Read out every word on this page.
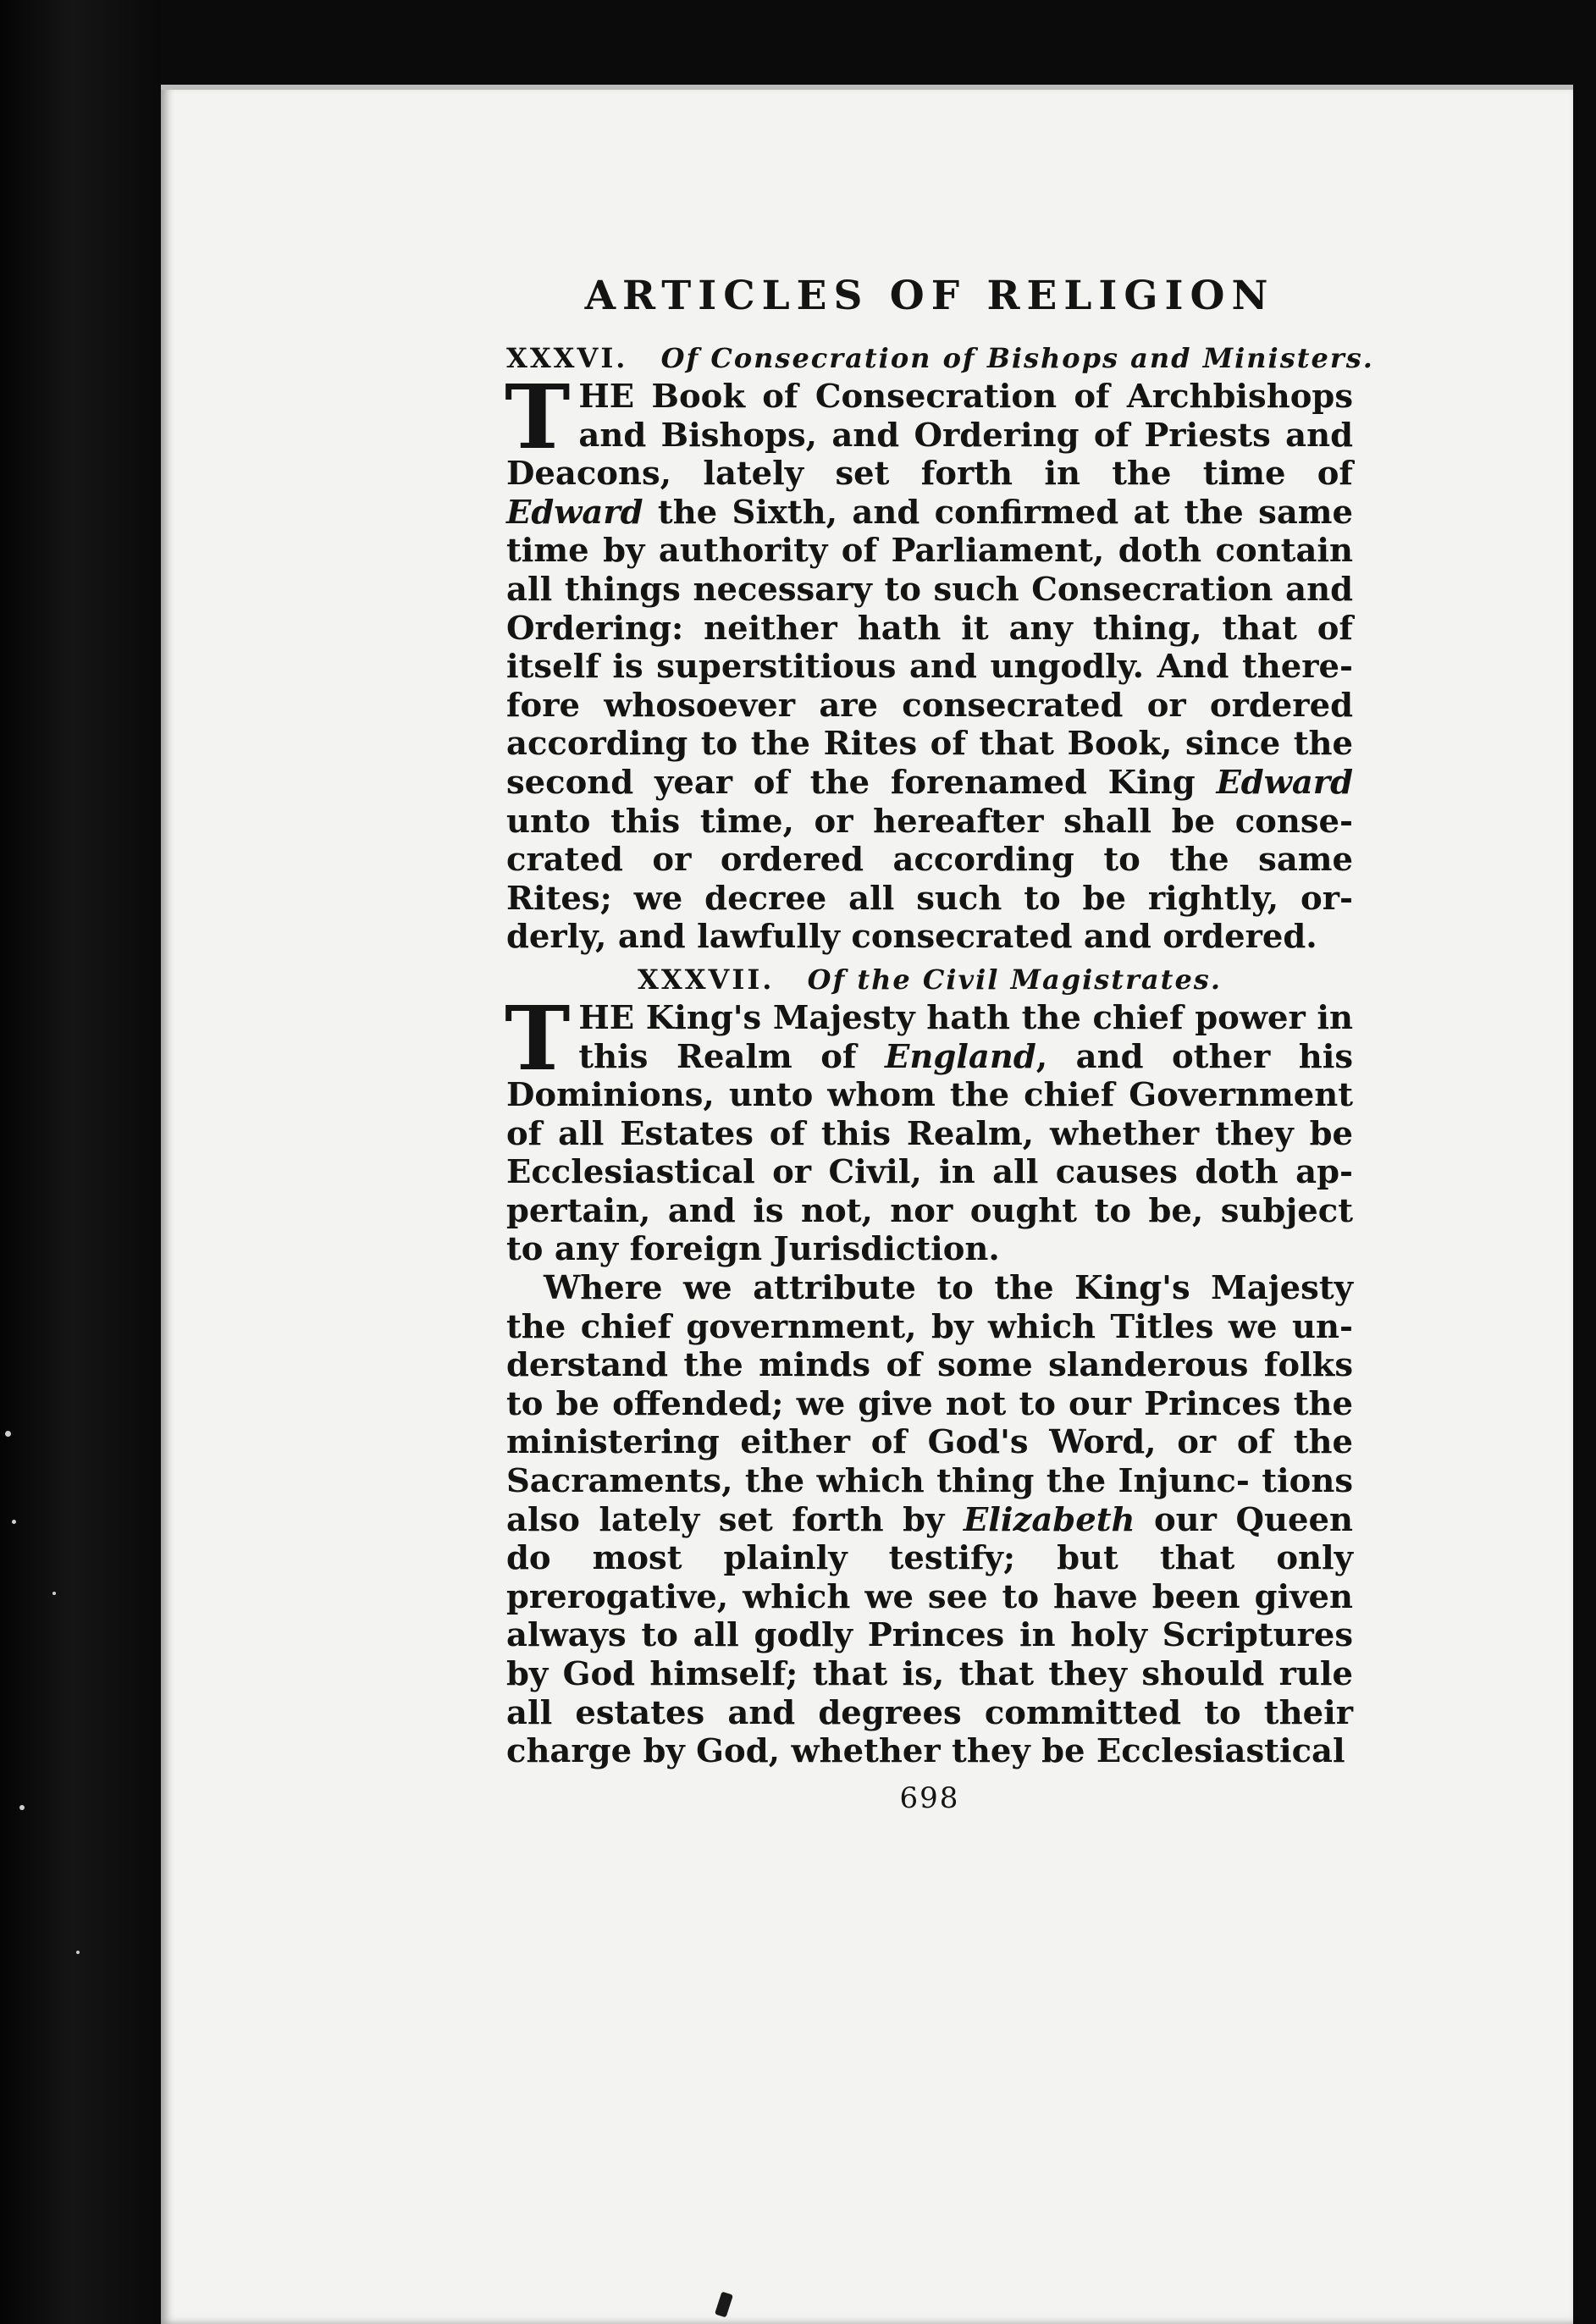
ARTICLES OF RELIGION
XXXVI. Of Consecration of Bishops and Ministers.

T HE Book of Consecration of Archbishops and Bishops, and Ordering of Priests and Deacons, lately set forth in the time of Edward the Sixth, and confirmed at the same time by authority of Parliament, doth contain all things necessary to such Consecration and Ordering: neither hath it any thing, that of itself is superstitious and ungodly. And there- fore whosoever are consecrated or ordered according to the Rites of that Book, since the second year of the forenamed King Edward unto this time, or hereafter shall be conse- crated or ordered according to the same Rites; we decree all such to be rightly, or- derly, and lawfully consecrated and ordered.

XXXVII. Of the Civil Magistrates.

T HE King's Majesty hath the chief power in this Realm of England, and other his Dominions, unto whom the chief Government of all Estates of this Realm, whether they be Ecclesiastical or Civil, in all causes doth ap- pertain, and is not, nor ought to be, subject to any foreign Jurisdiction.

Where we attribute to the King's Majesty the chief government, by which Titles we un- derstand the minds of some slanderous folks to be offended; we give not to our Princes the ministering either of God's Word, or of the Sacraments, the which thing the Injunc- tions also lately set forth by Elizabeth our Queen do most plainly testify; but that only prerogative, which we see to have been given always to all godly Princes in holy Scriptures by God himself; that is, that they should rule all estates and degrees committed to their charge by God, whether they be Ecclesiastical

698
